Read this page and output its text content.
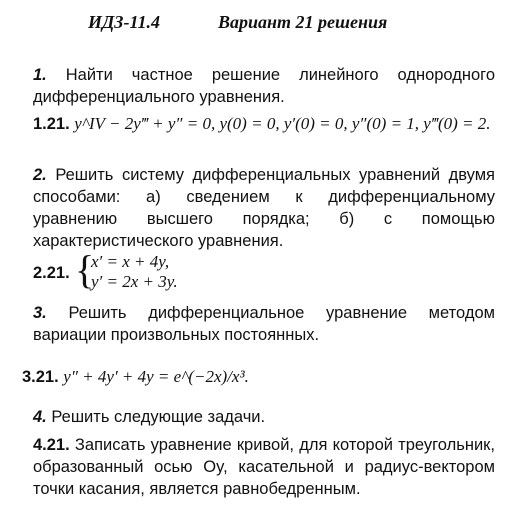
ИДЗ-11.4	Вариант 21 решения
1. Найти частное решение линейного однородного дифференциального уравнения.
1.21. y^IV − 2y‴ + y″ = 0, y(0) = 0, y′(0) = 0, y″(0) = 1, y‴(0) = 2.
2. Решить систему дифференциальных уравнений двумя способами: а) сведением к дифференциальному уравнению высшего порядка; б) с помощью характеристического уравнения.
2.21. {
x′ = x + 4y,
y′ = 2x + 3y.
3. Решить дифференциальное уравнение методом вариации произвольных постоянных.
3.21. y″ + 4y′ + 4y = e^(−2x)/x³.
4. Решить следующие задачи.
4.21. Записать уравнение кривой, для которой треугольник, образованный осью Oy, касательной и радиус-вектором точки касания, является равнобедренным.
